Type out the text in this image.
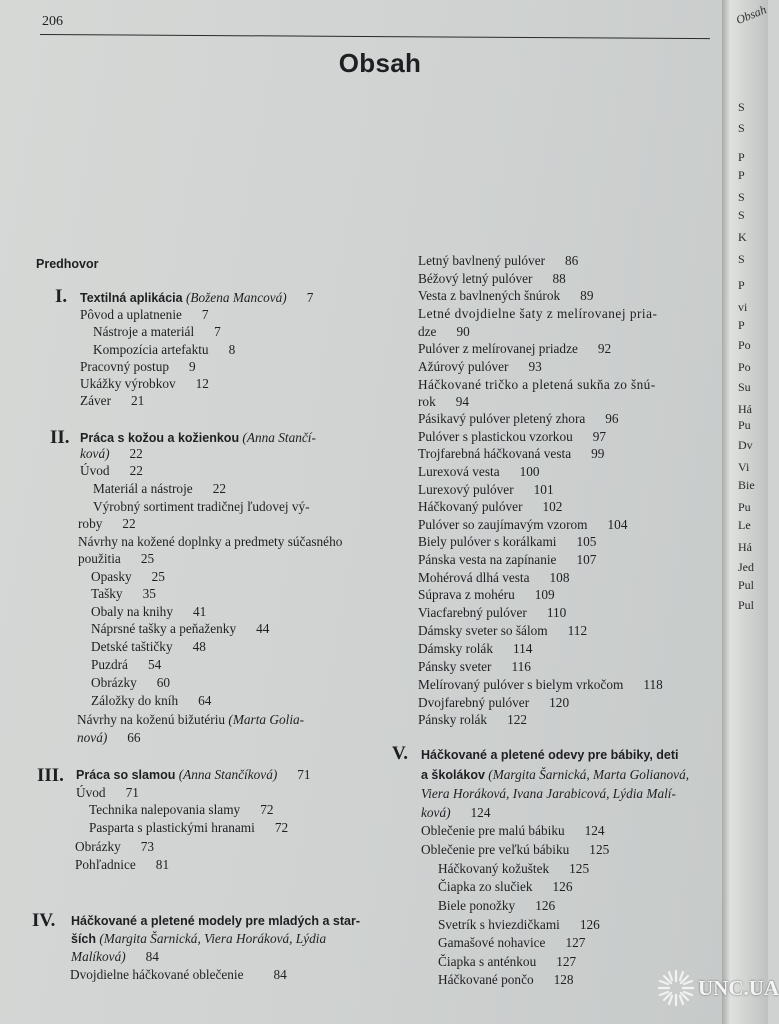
206
Obsah
Predhovor
I. Textilná aplikácia (Božena Mancová) 7
Pôvod a uplatnenie 7
Nástroje a materiál 7
Kompozícia artefaktu 8
Pracovný postup 9
Ukážky výrobkov 12
Záver 21
II. Práca s kožou a kožienkou (Anna Stančí-
ková) 22
Úvod 22
Materiál a nástroje 22
Výrobný sortiment tradičnej ľudovej vý-
roby 22
Návrhy na kožené doplnky a predmety súčasného
použitia 25
Opasky 25
Tašky 35
Obaly na knihy 41
Náprsné tašky a peňaženky 44
Detské taštičky 48
Puzdrá 54
Obrázky 60
Záložky do kníh 64
Návrhy na koženú bižutériu (Marta Golia-
nová) 66
III. Práca so slamou (Anna Stančíková) 71
Úvod 71
Technika nalepovania slamy 72
Pasparta s plastickými hranami 72
Obrázky 73
Pohľadnice 81
IV. Háčkované a pletené modely pre mladých a star-
ších (Margita Šarnická, Viera Horáková, Lýdia
Malíková) 84
Dvojdielne háčkované oblečenie 84
Letný bavlnený pulóver 86
Béžový letný pulóver 88
Vesta z bavlnených šnúrok 89
Letné dvojdielne šaty z melírovanej pria-
dze 90
Pulóver z melírovanej priadze 92
Ažúrový pulóver 93
Háčkované tričko a pletená sukňa zo šnú-
rok 94
Pásikavý pulóver pletený zhora 96
Pulóver s plastickou vzorkou 97
Trojfarebná háčkovaná vesta 99
Lurexová vesta 100
Lurexový pulóver 101
Háčkovaný pulóver 102
Pulóver so zaujímavým vzorom 104
Biely pulóver s korálkami 105
Pánska vesta na zapínanie 107
Mohérová dlhá vesta 108
Súprava z mohéru 109
Viacfarebný pulóver 110
Dámsky sveter so šálom 112
Dámsky rolák 114
Pánsky sveter 116
Melírovaný pulóver s bielym vrkočom 118
Dvojfarebný pulóver 120
Pánsky rolák 122
V. Háčkované a pletené odevy pre bábiky, deti
a školákov (Margita Šarnická, Marta Golianová,
Viera Horáková, Ivana Jarabicová, Lýdia Malí-
ková) 124
Oblečenie pre malú bábiku 124
Oblečenie pre veľkú bábiku 125
Háčkovaný kožuštek 125
Čiapka zo slučiek 126
Biele ponožky 126
Svetrík s hviezdičkami 126
Gamašové nohavice 127
Čiapka s anténkou 127
Háčkované pončo 128
Obsah
S
S
P
P
S
S
K
S
P
vi
P
Po
Po
Su
Há
Pu
Dv
Vi
Bie
Pu
Le
Há
Jed
Pul
Pul
UNC.UA
